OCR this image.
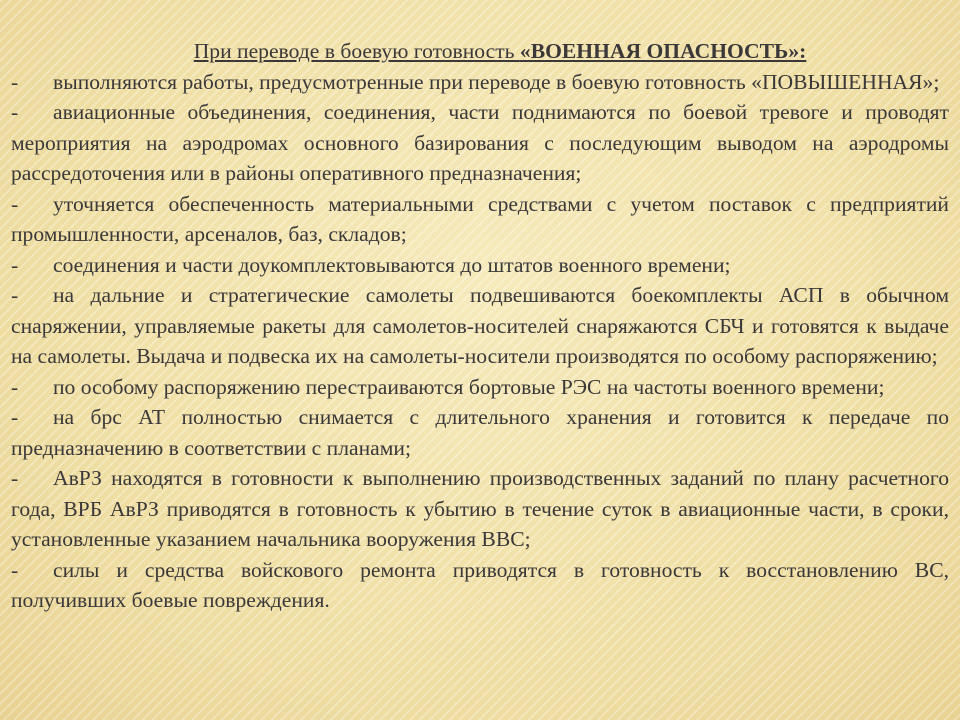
При переводе в боевую готовность «ВОЕННАЯ ОПАСНОСТЬ»:

- выполняются работы, предусмотренные при переводе в боевую готовность «ПОВЫШЕННАЯ»;

- авиационные объединения, соединения, части поднимаются по боевой тревоге и проводят мероприятия на аэродромах основного базирования с последующим выводом на аэродромы рассредоточения или в районы оперативного предназначения;

- уточняется обеспеченность материальными средствами с учетом поставок с предприятий промышленности, арсеналов, баз, складов;

- соединения и части доукомплектовываются до штатов военного времени;

- на дальние и стратегические самолеты подвешиваются боекомплекты АСП в обычном снаряжении, управляемые ракеты для самолетов-носителей снаряжаются СБЧ и готовятся к выдаче на самолеты. Выдача и подвеска их на самолеты-носители производятся по особому распоряжению;

- по особому распоряжению перестраиваются бортовые РЭС на частоты военного времени;

- на брс АТ полностью снимается с длительного хранения и готовится к передаче по предназначению в соответствии с планами;

- АвРЗ находятся в готовности к выполнению производственных заданий по плану расчетного года, ВРБ АвРЗ приводятся в готовность к убытию в течение суток в авиационные части, в сроки, установленные указанием начальника вооружения ВВС;

- силы и средства войскового ремонта приводятся в готовность к восстановлению ВС, получивших боевые повреждения.
